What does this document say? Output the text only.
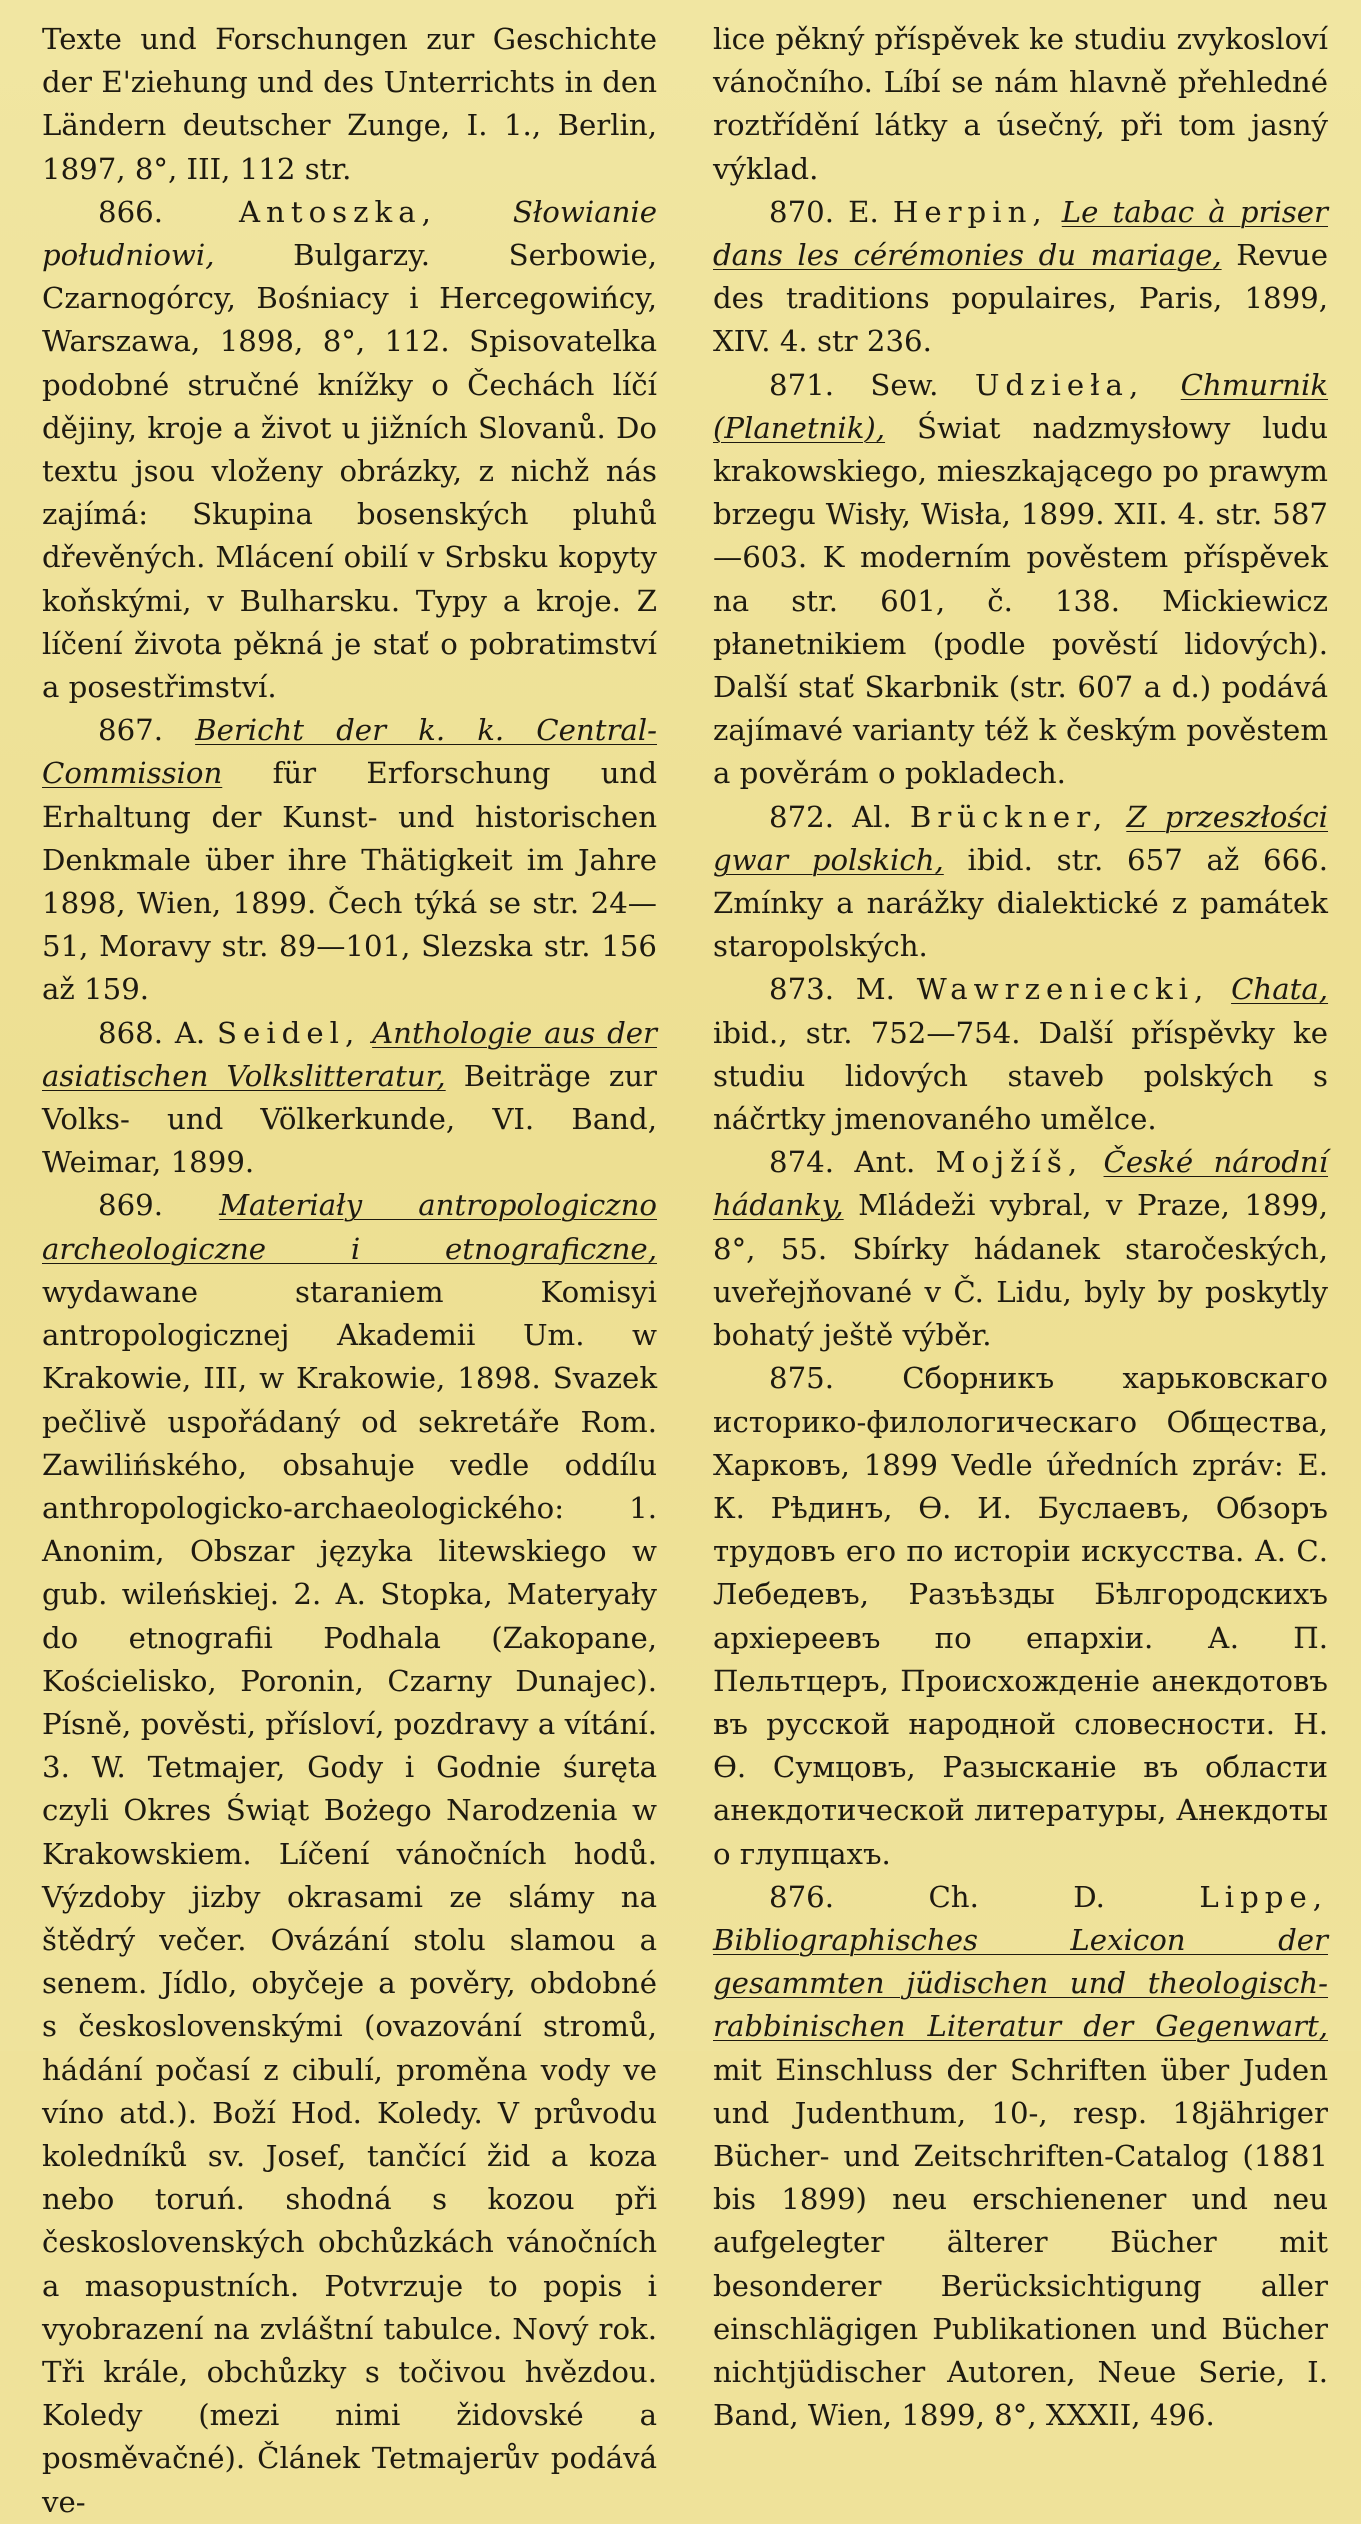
Texte und Forschungen zur Geschichte der E'ziehung und des Unterrichts in den Ländern deutscher Zunge, I. 1., Berlin, 1897, 8°, III, 112 str.

866.	Antoszka,	Słowianie południowi,	Bulgarzy. Serbowie, Czarnogórcy, Bośniacy i Hercegowińcy, Warszawa, 1898, 8°, 112. Spisovatelka podobné stručné knížky o Čechách líčí dějiny, kroje a život u jižních Slovanů. Do textu jsou vloženy obrázky, z nichž nás zajímá: Skupina bosenských pluhů dřevěných. Mlácení obilí v Srbsku kopyty koňskými, v Bulharsku. Typy a kroje. Z líčení života pěkná je stať o pobratimství a posestřimství.

867. Bericht der k. k. Central-Commission für Erforschung und Erhaltung der Kunst- und historischen Denkmale über ihre Thätigkeit im Jahre 1898, Wien, 1899. Čech týká se str. 24—51, Moravy str. 89—101, Slezska str. 156 až 159.

868. A. Seidel, Anthologie aus der asiatischen Volkslitteratur, Beiträge zur Volks- und Völkerkunde, VI. Band, Weimar, 1899.

869. Materiały antropologiczno archeologiczne i etnograficzne, wydawane staraniem Komisyi antropologicznej Akademii Um. w Krakowie, III, w Krakowie, 1898. Svazek pečlivě uspořádaný od sekretáře Rom. Zawilińského, obsahuje vedle oddílu anthropologicko-archaeologického: 1. Anonim, Obszar języka litewskiego w gub. wileńskiej. 2. A. Stopka, Materyały do etnografii Podhala (Zakopane, Kościelisko, Poronin, Czarny Dunajec). Písně, pověsti, přísloví, pozdravy a vítání. 3. W. Tetmajer, Gody i Godnie śuręta czyli Okres Świąt Bożego Narodzenia w Krakowskiem. Líčení vánočních hodů. Výzdoby jizby okrasami ze slámy na štědrý večer. Ovázání stolu slamou a senem. Jídlo, obyčeje a pověry, obdobné s československými (ovazování stromů, hádání počasí z cibulí, proměna vody ve víno atd.). Boží Hod. Koledy. V průvodu koledníků sv. Josef, tančící žid a koza nebo toruń. shodná s kozou při československých obchůzkách vánočních a masopustních. Potvrzuje to popis i vyobrazení na zvláštní tabulce. Nový rok. Tři krále, obchůzky s točivou hvězdou. Koledy (mezi nimi židovské a posměvačné). Článek Tetmajerův podává ve-

lice pěkný příspěvek ke studiu zvykosloví vánočního. Líbí se nám hlavně přehledné roztřídění látky a úsečný, při tom jasný výklad.

870. E. Herpin, Le tabac à priser dans les cérémonies du mariage, Revue des traditions populaires, Paris, 1899, XIV. 4. str 236.

871. Sew. Udzieła, Chmurnik (Planetnik), Świat nadzmysłowy ludu krakowskiego, mieszkającego po prawym brzegu Wisły, Wisła, 1899. XII. 4. str. 587—603. K moderním pověstem příspěvek na str. 601, č. 138. Mickiewicz płanetnikiem (podle pověstí lidových). Další stať Skarbnik (str. 607 a d.) podává zajímavé varianty též k českým pověstem a pověrám o pokladech.

872. Al. Brückner, Z przeszłości gwar polskich, ibid. str. 657 až 666. Zmínky a narážky dialektické z památek staropolských.

873. M. Wawrzeniecki, Chata, ibid., str. 752—754. Další příspěvky ke studiu lidových staveb polských s náčrtky jmenovaného umělce.

874. Ant. Mojžíš, České národní hádanky, Mládeži vybral, v Praze, 1899, 8°, 55. Sbírky hádanek staročeských, uveřejňované v Č. Lidu, byly by poskytly bohatý ještě výběr.

875. Сборникъ харьковскаго историко-филологическаго Общества, Харковъ, 1899 Vedle úředních zpráv: Е. К. Рѣдинъ, Ѳ. И. Буслаевъ, Обзоръ трудовъ его по исторіи искусства. А. С. Лебедевъ, Разъѣзды Бѣлгородскихъ архіереевъ по епархіи. А. П. Пельтцеръ, Происхожденіе анекдотовъ въ русской народной словесности. Н. Ѳ. Сумцовъ, Разысканіе въ области анекдотической литературы, Анекдоты о глупцахъ.

876.	Ch. D.	Lippe, Bibliographisches Lexicon der gesammten jüdischen und theologisch-rabbinischen Literatur der Gegenwart, mit Einschluss der Schriften über Juden und Judenthum, 10-, resp. 18jähriger Bücher- und Zeitschriften-Catalog (1881 bis 1899) neu erschienener und neu aufgelegter älterer Bücher mit besonderer Berücksichtigung aller einschlägigen Publikationen und Bücher nichtjüdischer Autoren, Neue Serie, I. Band, Wien, 1899, 8°, XXXII, 496.
